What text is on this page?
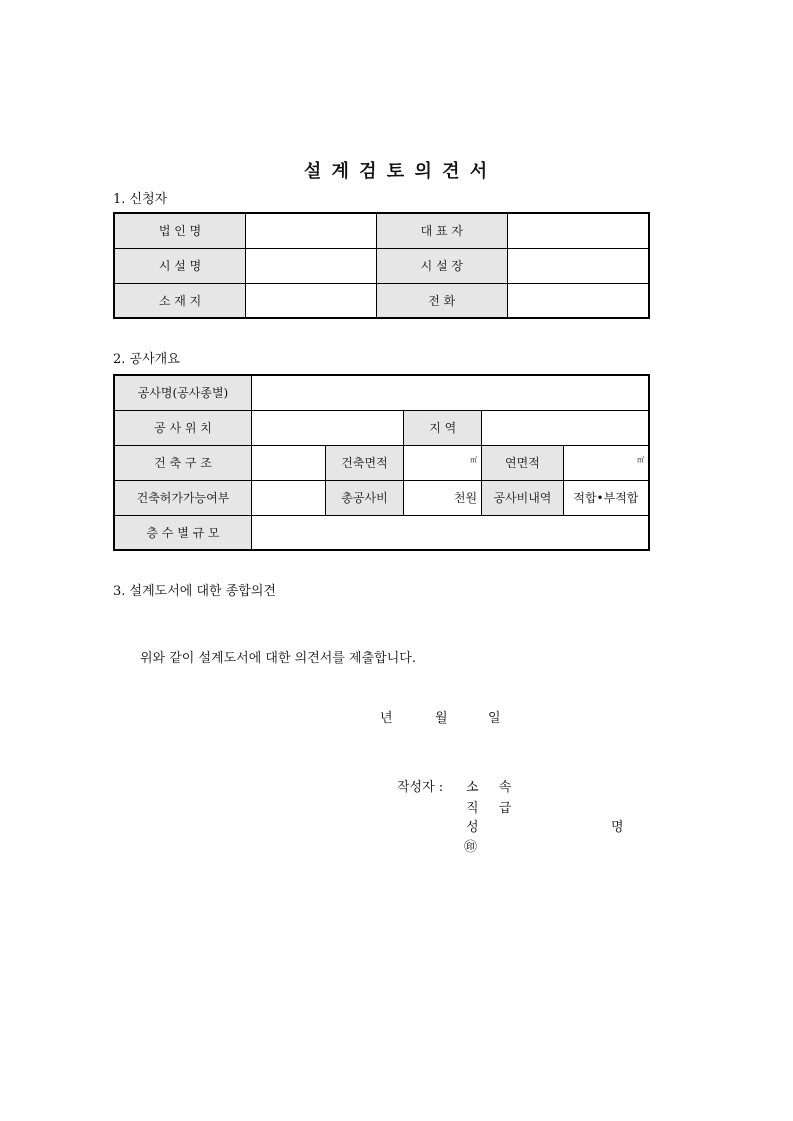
설 계 검 토 의 견 서
1. 신청자
법 인 명		대 표 자	
시 설 명		시 설 장	
소 재 지		전 화	
2. 공사개요
공사명(공사종별)					
공 사 위 치			지 역		
건 축 구 조		건축면적	㎡	연면적	㎡
건축허가가능여부		총공사비	천원	공사비내역	적합•부적합
층 수 별 규 모					
3. 설계도서에 대한 종합의견
위와 같이 설계도서에 대한 의견서를 제출합니다.
년	월	일
작성자 : 소 속
직 급
성	명
㊞
